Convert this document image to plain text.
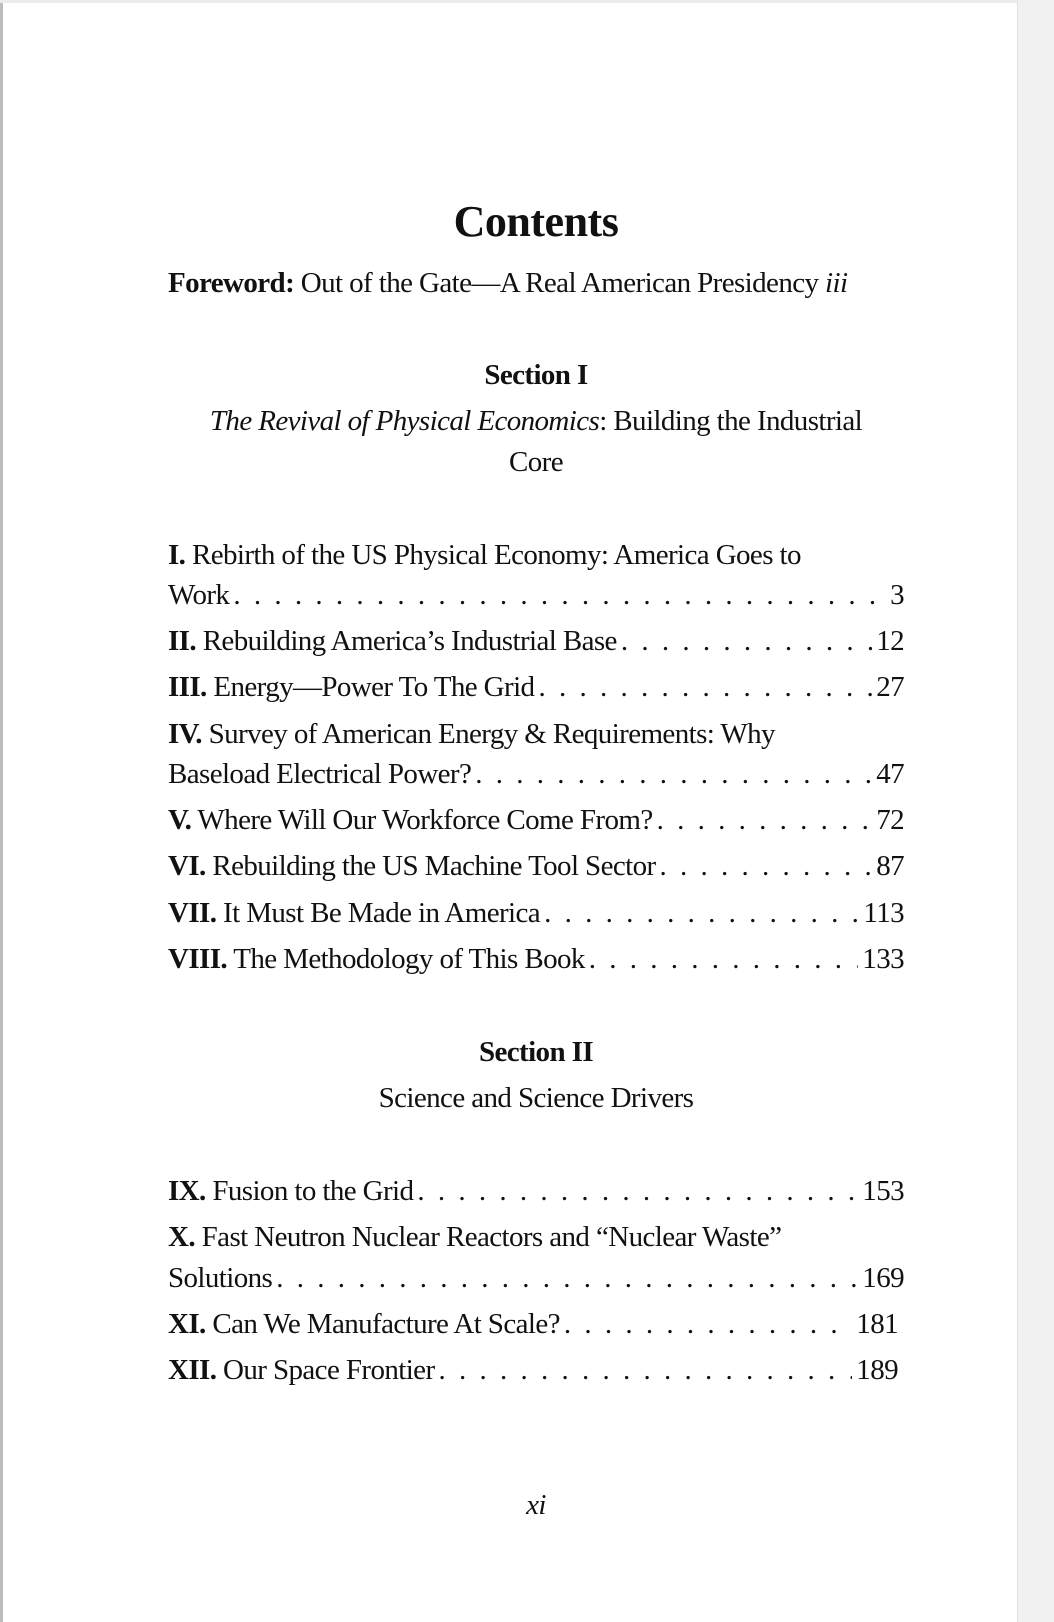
Contents
Foreword: Out of the Gate—A Real American Presidency iii
Section I
The Revival of Physical Economics: Building the Industrial
Core
I. Rebirth of the US Physical Economy: America Goes to
Work . . .	3
II. Rebuilding America’s Industrial Base . . .	12
III. Energy—Power To The Grid . . .	27
IV. Survey of American Energy & Requirements: Why
Baseload Electrical Power? . . .	47
V. Where Will Our Workforce Come From? . . .	72
VI. Rebuilding the US Machine Tool Sector . . .	87
VII. It Must Be Made in America . . .	113
VIII. The Methodology of This Book . . .	133
Section II
Science and Science Drivers
IX. Fusion to the Grid . . .	153
X. Fast Neutron Nuclear Reactors and “Nuclear Waste”
Solutions . . .	169
XI. Can We Manufacture At Scale? . . .	181
XII. Our Space Frontier . . .	189
xi
